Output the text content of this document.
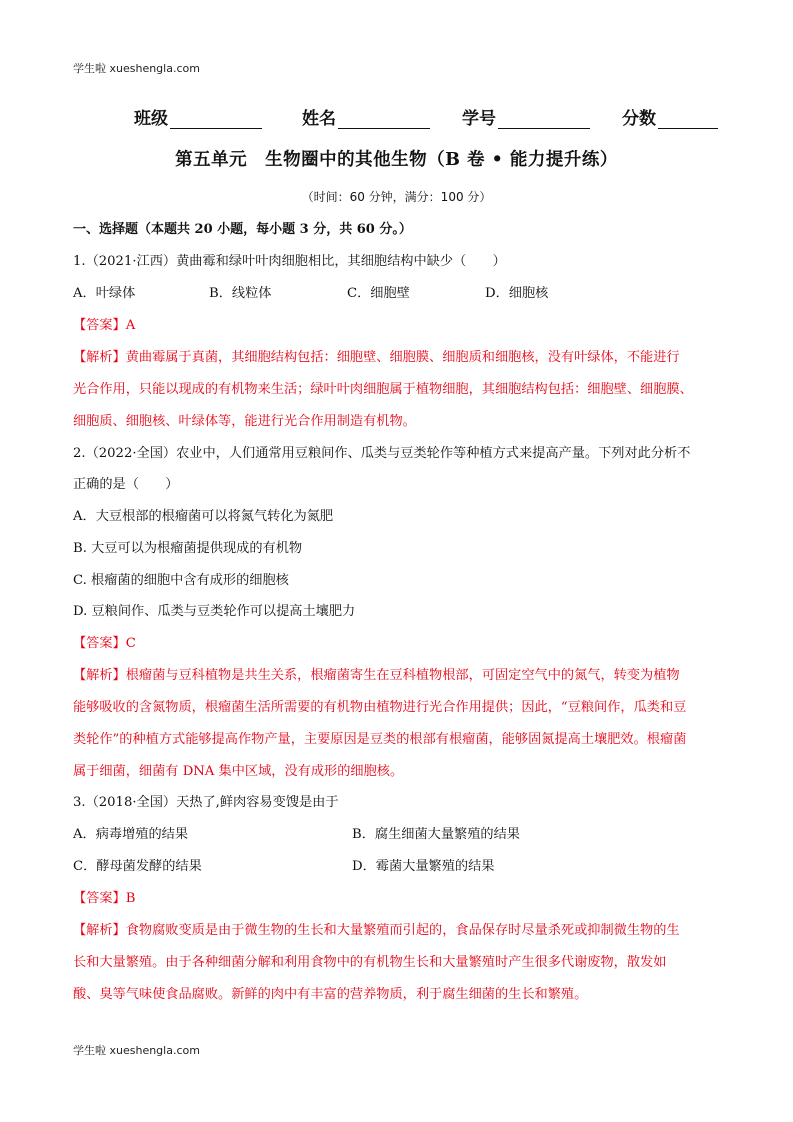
学生啦 xueshengla.com
班级	姓名	学号	分数
第五单元　生物圈中的其他生物（B 卷 • 能力提升练）
（时间：60 分钟，满分：100 分）
一、选择题（本题共 20 小题，每小题 3 分，共 60 分。）
1.（2021·江西）黄曲霉和绿叶叶肉细胞相比，其细胞结构中缺少（　　）
A．叶绿体	B．线粒体	C．细胞壁	D．细胞核
【答案】A
【解析】黄曲霉属于真菌，其细胞结构包括：细胞壁、细胞膜、细胞质和细胞核，没有叶绿体，不能进行
光合作用，只能以现成的有机物来生活；绿叶叶肉细胞属于植物细胞，其细胞结构包括：细胞壁、细胞膜、
细胞质、细胞核、叶绿体等，能进行光合作用制造有机物。
2.（2022·全国）农业中，人们通常用豆粮间作、瓜类与豆类轮作等种植方式来提高产量。下列对此分析不
正确的是（　　）
A．大豆根部的根瘤菌可以将氮气转化为氮肥
B. 大豆可以为根瘤菌提供现成的有机物
C. 根瘤菌的细胞中含有成形的细胞核
D. 豆粮间作、瓜类与豆类轮作可以提高土壤肥力
【答案】C
【解析】根瘤菌与豆科植物是共生关系，根瘤菌寄生在豆科植物根部，可固定空气中的氮气，转变为植物
能够吸收的含氮物质，根瘤菌生活所需要的有机物由植物进行光合作用提供；因此，“豆粮间作，瓜类和豆
类轮作”的种植方式能够提高作物产量，主要原因是豆类的根部有根瘤菌，能够固氮提高土壤肥效。根瘤菌
属于细菌，细菌有 DNA 集中区域，没有成形的细胞核。
3.（2018·全国）天热了,鲜肉容易变馊是由于
A．病毒增殖的结果	B．腐生细菌大量繁殖的结果
C．酵母菌发酵的结果	D．霉菌大量繁殖的结果
【答案】B
【解析】食物腐败变质是由于微生物的生长和大量繁殖而引起的，食品保存时尽量杀死或抑制微生物的生
长和大量繁殖。由于各种细菌分解和利用食物中的有机物生长和大量繁殖时产生很多代谢废物，散发如
酸、臭等气味使食品腐败。新鲜的肉中有丰富的营养物质，利于腐生细菌的生长和繁殖。
学生啦 xueshengla.com
